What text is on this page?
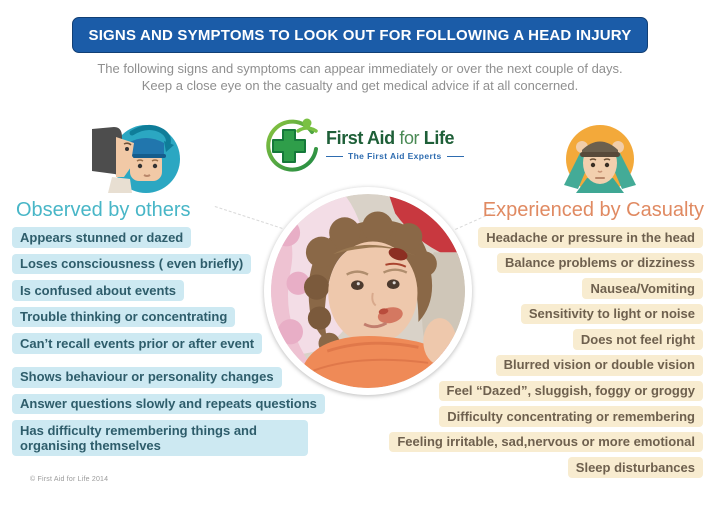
SIGNS AND SYMPTOMS TO LOOK OUT FOR FOLLOWING A HEAD INJURY
The following signs and symptoms can appear immediately or over the next couple of days.
Keep a close eye on the casualty and get medical advice if at all concerned.
First Aid for Life
The First Aid Experts
Observed by others
Appears stunned or dazed
Loses consciousness ( even briefly)
Is confused about events
Trouble thinking or concentrating
Can’t recall events prior or after event
Shows behaviour or personality changes
Answer questions slowly and repeats questions
Has difficulty remembering things and organising themselves
Experienced by Casualty
Headache or pressure in the head
Balance problems or dizziness
Nausea/Vomiting
Sensitivity to light or noise
Does not feel right
Blurred vision or double vision
Feel “Dazed”, sluggish, foggy or groggy
Difficulty concentrating or remembering
Feeling irritable, sad,nervous or more emotional
Sleep disturbances
© First Aid for Life 2014
